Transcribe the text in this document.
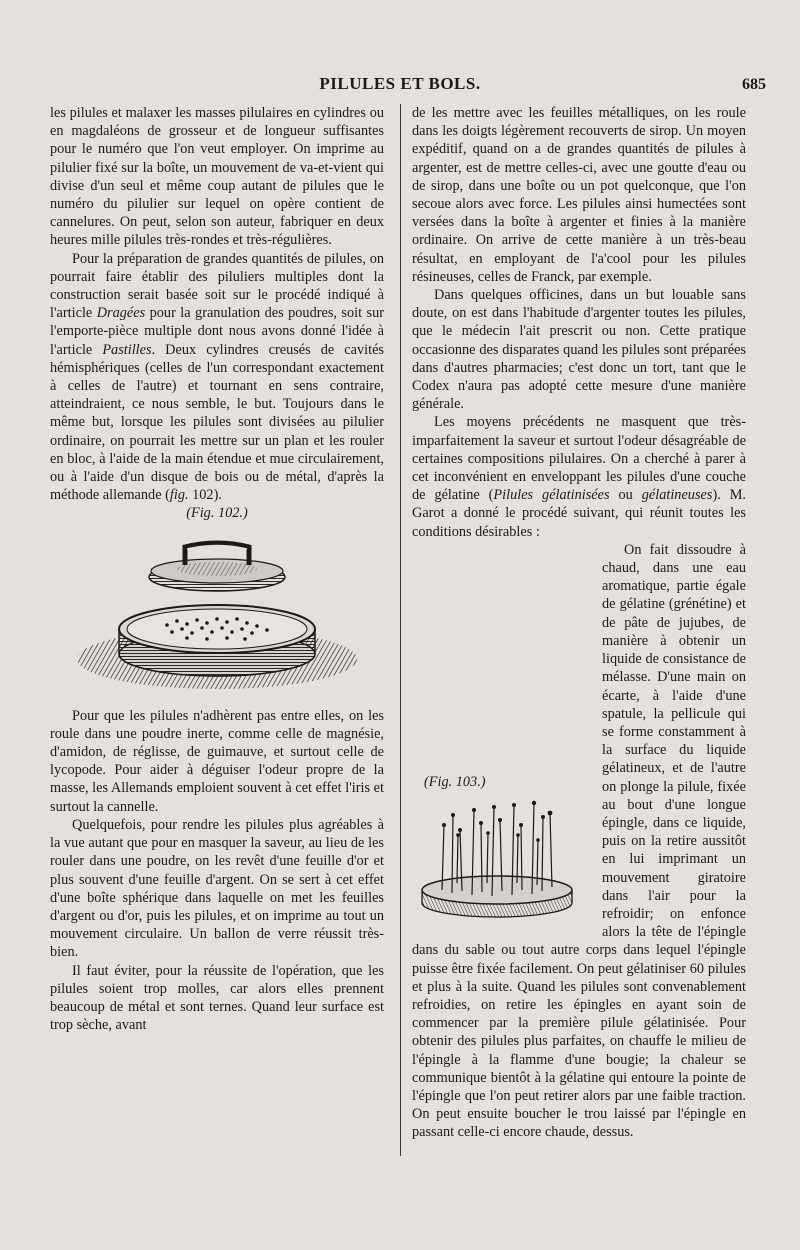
PILULES ET BOLS.	685

les pilules et malaxer les masses pilulaires en cylindres ou en magdaléons de grosseur et de longueur suffisantes pour le numéro que l'on veut employer. On imprime au pilulier fixé sur la boîte, un mouvement de va-et-vient qui divise d'un seul et même coup autant de pilules que le numéro du pilulier sur lequel on opère contient de cannelures. On peut, selon son auteur, fabriquer en deux heures mille pilules très-rondes et très-régulières.

Pour la préparation de grandes quantités de pilules, on pourrait faire établir des piluliers multiples dont la construction serait basée soit sur le procédé indiqué à l'article Dragées pour la granulation des poudres, soit sur l'emporte-pièce multiple dont nous avons donné l'idée à l'article Pastilles. Deux cylindres creusés de cavités hémisphériques (celles de l'un correspondant exactement à celles de l'autre) et tournant en sens contraire, atteindraient, ce nous semble, le but. Toujours dans le même but, lorsque les pilules sont divisées au pilulier ordinaire, on pourrait les mettre sur un plan et les rouler en bloc, à l'aide de la main étendue et mue circulairement, ou à l'aide d'un disque de bois ou de métal, d'après la méthode allemande (fig. 102).

(Fig. 102.)

Pour que les pilules n'adhèrent pas entre elles, on les roule dans une poudre inerte, comme celle de magnésie, d'amidon, de réglisse, de guimauve, et surtout celle de lycopode. Pour aider à déguiser l'odeur propre de la masse, les Allemands emploient souvent à cet effet l'iris et surtout la cannelle.

Quelquefois, pour rendre les pilules plus agréables à la vue autant que pour en masquer la saveur, au lieu de les rouler dans une poudre, on les revêt d'une feuille d'or et plus souvent d'une feuille d'argent. On se sert à cet effet d'une boîte sphérique dans laquelle on met les feuilles d'argent ou d'or, puis les pilules, et on imprime au tout un mouvement circulaire. Un ballon de verre réussit très-bien.

Il faut éviter, pour la réussite de l'opération, que les pilules soient trop molles, car alors elles prennent beaucoup de métal et sont ternes. Quand leur surface est trop sèche, avant

de les mettre avec les feuilles métalliques, on les roule dans les doigts légèrement recouverts de sirop. Un moyen expéditif, quand on a de grandes quantités de pilules à argenter, est de mettre celles-ci, avec une goutte d'eau ou de sirop, dans une boîte ou un pot quelconque, que l'on secoue alors avec force. Les pilules ainsi humectées sont versées dans la boîte à argenter et finies à la manière ordinaire. On arrive de cette manière à un très-beau résultat, en employant de l'a'cool pour les pilules résineuses, celles de Franck, par exemple.

Dans quelques officines, dans un but louable sans doute, on est dans l'habitude d'argenter toutes les pilules, que le médecin l'ait prescrit ou non. Cette pratique occasionne des disparates quand les pilules sont préparées dans d'autres pharmacies; c'est donc un tort, tant que le Codex n'aura pas adopté cette mesure d'une manière générale.

Les moyens précédents ne masquent que très-imparfaitement la saveur et surtout l'odeur désagréable de certaines compositions pilulaires. On a cherché à parer à cet inconvénient en enveloppant les pilules d'une couche de gélatine (Pilules gélatinisées ou gélatineuses). M. Garot a donné le procédé suivant, qui réunit toutes les conditions désirables :

(Fig. 103.)

On fait dissoudre à chaud, dans une eau aromatique, partie égale de gélatine (grénétine) et de pâte de jujubes, de manière à obtenir un liquide de consistance de mélasse. D'une main on écarte, à l'aide d'une spatule, la pellicule qui se forme constamment à la surface du liquide gélatineux, et de l'autre on plonge la pilule, fixée au bout d'une longue épingle, dans ce liquide, puis on la retire aussitôt en lui imprimant un mouvement giratoire dans l'air pour la refroidir; on enfonce alors la tête de l'épingle dans du sable ou tout autre corps dans lequel l'épingle puisse être fixée facilement. On peut gélatiniser 60 pilules et plus à la suite. Quand les pilules sont convenablement refroidies, on retire les épingles en ayant soin de commencer par la première pilule gélatinisée. Pour obtenir des pilules plus parfaites, on chauffe le milieu de l'épingle à la flamme d'une bougie; la chaleur se communique bientôt à la gélatine qui entoure la pointe de l'épingle que l'on peut retirer alors par une faible traction. On peut ensuite boucher le trou laissé par l'épingle en passant celle-ci encore chaude, dessus.
